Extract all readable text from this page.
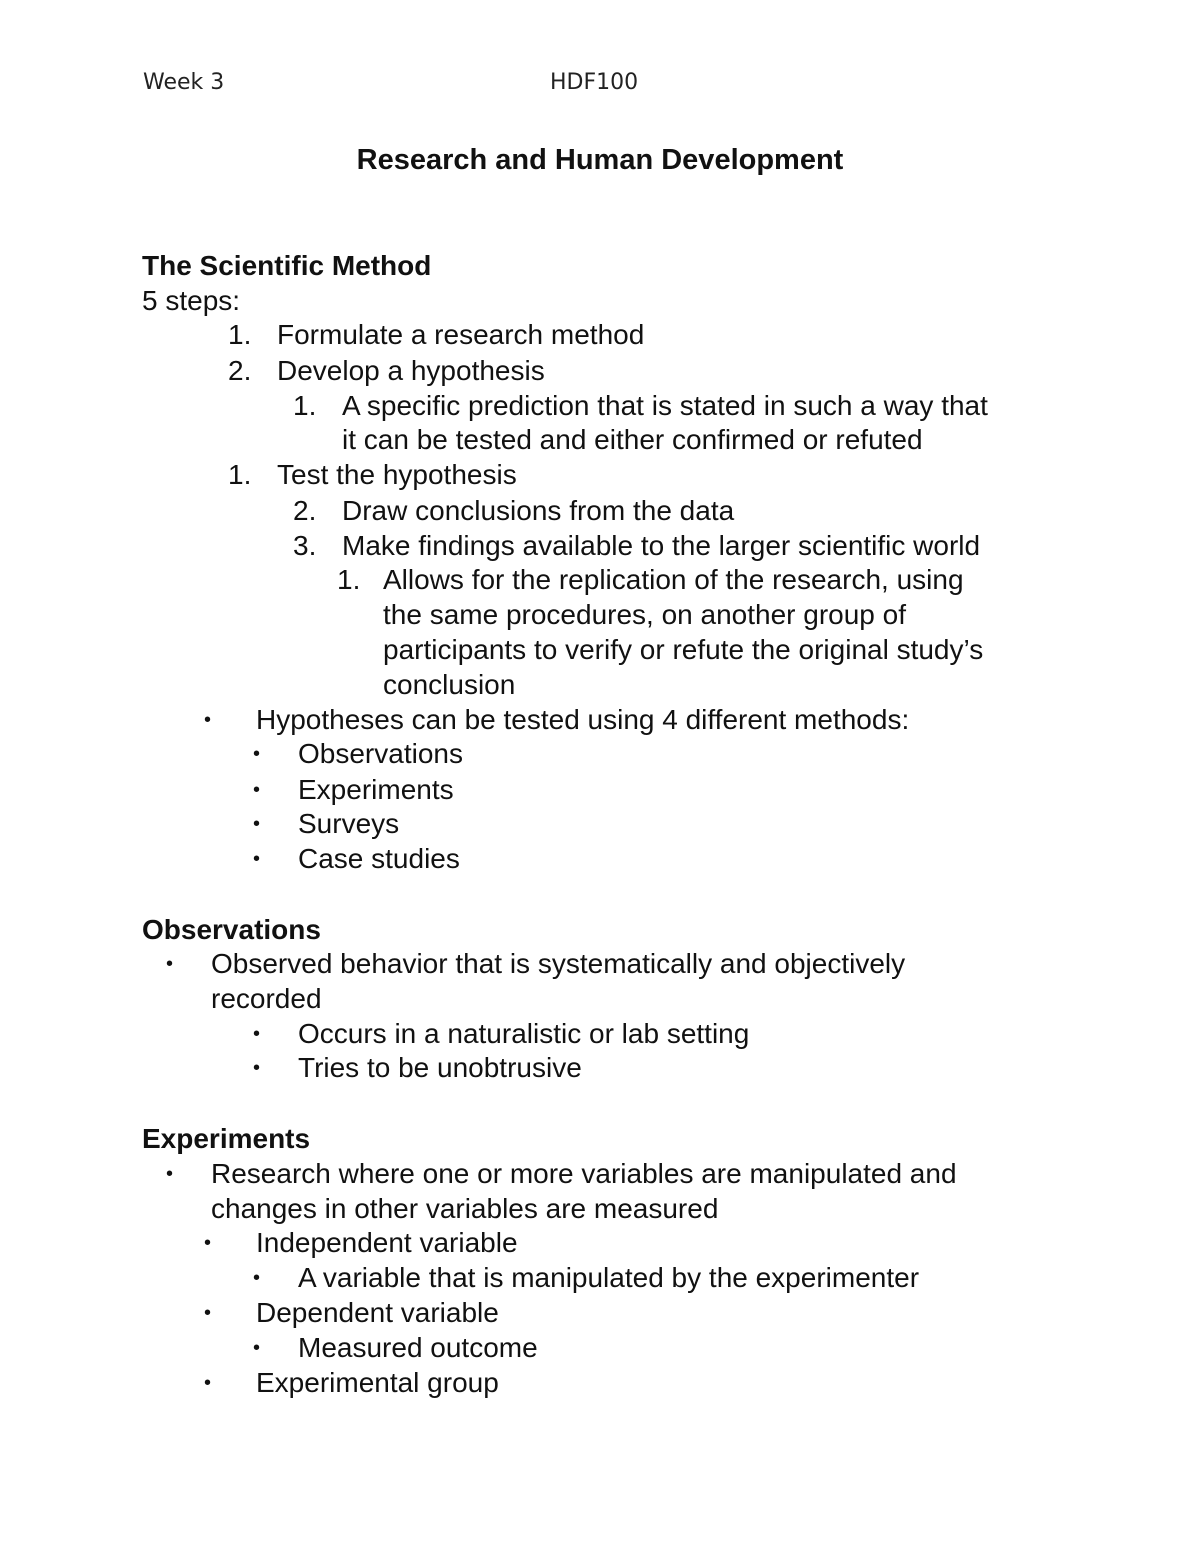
Week 3	HDF100
Research and Human Development
The Scientific Method
5 steps:
1. Formulate a research method
2. Develop a hypothesis
1. A specific prediction that is stated in such a way that
it can be tested and either confirmed or refuted
1. Test the hypothesis
2. Draw conclusions from the data
3. Make findings available to the larger scientific world
1. Allows for the replication of the research, using
the same procedures, on another group of
participants to verify or refute the original study’s
conclusion
• Hypotheses can be tested using 4 different methods:
• Observations
• Experiments
• Surveys
• Case studies
Observations
• Observed behavior that is systematically and objectively
recorded
• Occurs in a naturalistic or lab setting
• Tries to be unobtrusive
Experiments
• Research where one or more variables are manipulated and
changes in other variables are measured
• Independent variable
• A variable that is manipulated by the experimenter
• Dependent variable
• Measured outcome
• Experimental group
